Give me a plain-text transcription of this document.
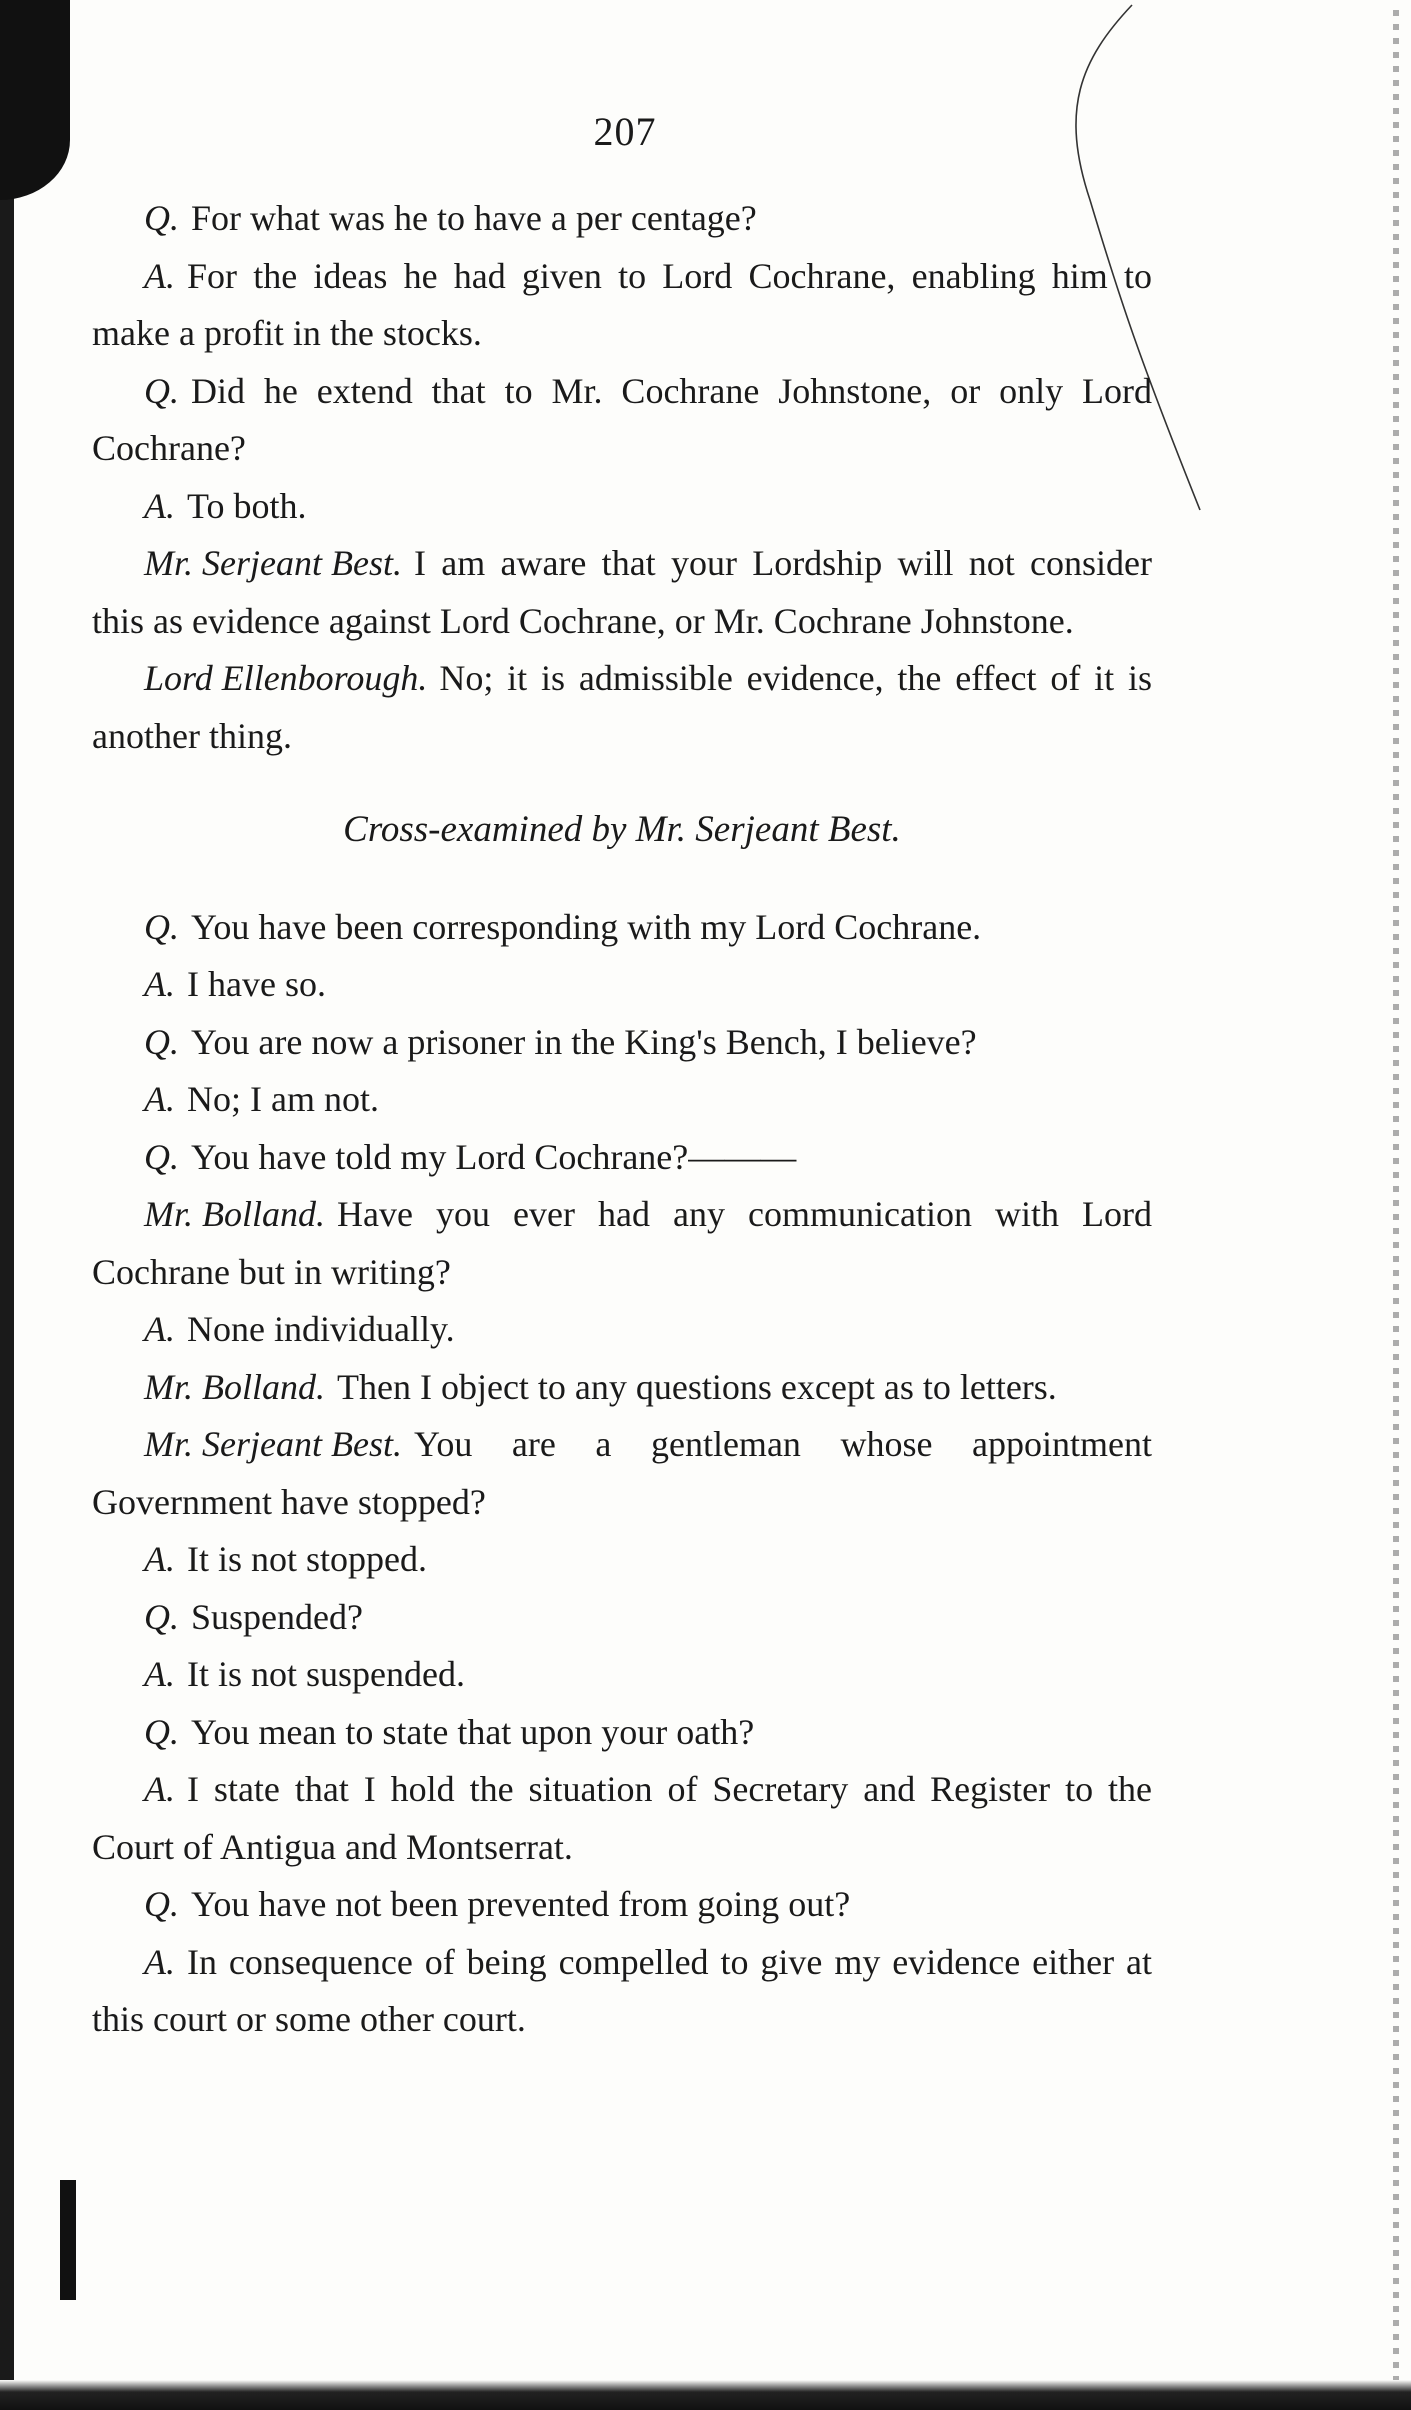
207

Q. For what was he to have a per centage?

A. For the ideas he had given to Lord Cochrane, enabling him to make a profit in the stocks.

Q. Did he extend that to Mr. Cochrane Johnstone, or only Lord Cochrane?

A. To both.

Mr. Serjeant Best. I am aware that your Lordship will not consider this as evidence against Lord Cochrane, or Mr. Cochrane Johnstone.

Lord Ellenborough. No; it is admissible evidence, the effect of it is another thing.

Cross-examined by Mr. Serjeant Best.

Q. You have been corresponding with my Lord Cochrane.

A. I have so.

Q. You are now a prisoner in the King's Bench, I believe?

A. No; I am not.

Q. You have told my Lord Cochrane?———

Mr. Bolland. Have you ever had any communication with Lord Cochrane but in writing?

A. None individually.

Mr. Bolland. Then I object to any questions except as to letters.

Mr. Serjeant Best. You are a gentleman whose appointment Government have stopped?

A. It is not stopped.

Q. Suspended?

A. It is not suspended.

Q. You mean to state that upon your oath?

A. I state that I hold the situation of Secretary and Register to the Court of Antigua and Montserrat.

Q. You have not been prevented from going out?

A. In consequence of being compelled to give my evidence either at this court or some other court.
